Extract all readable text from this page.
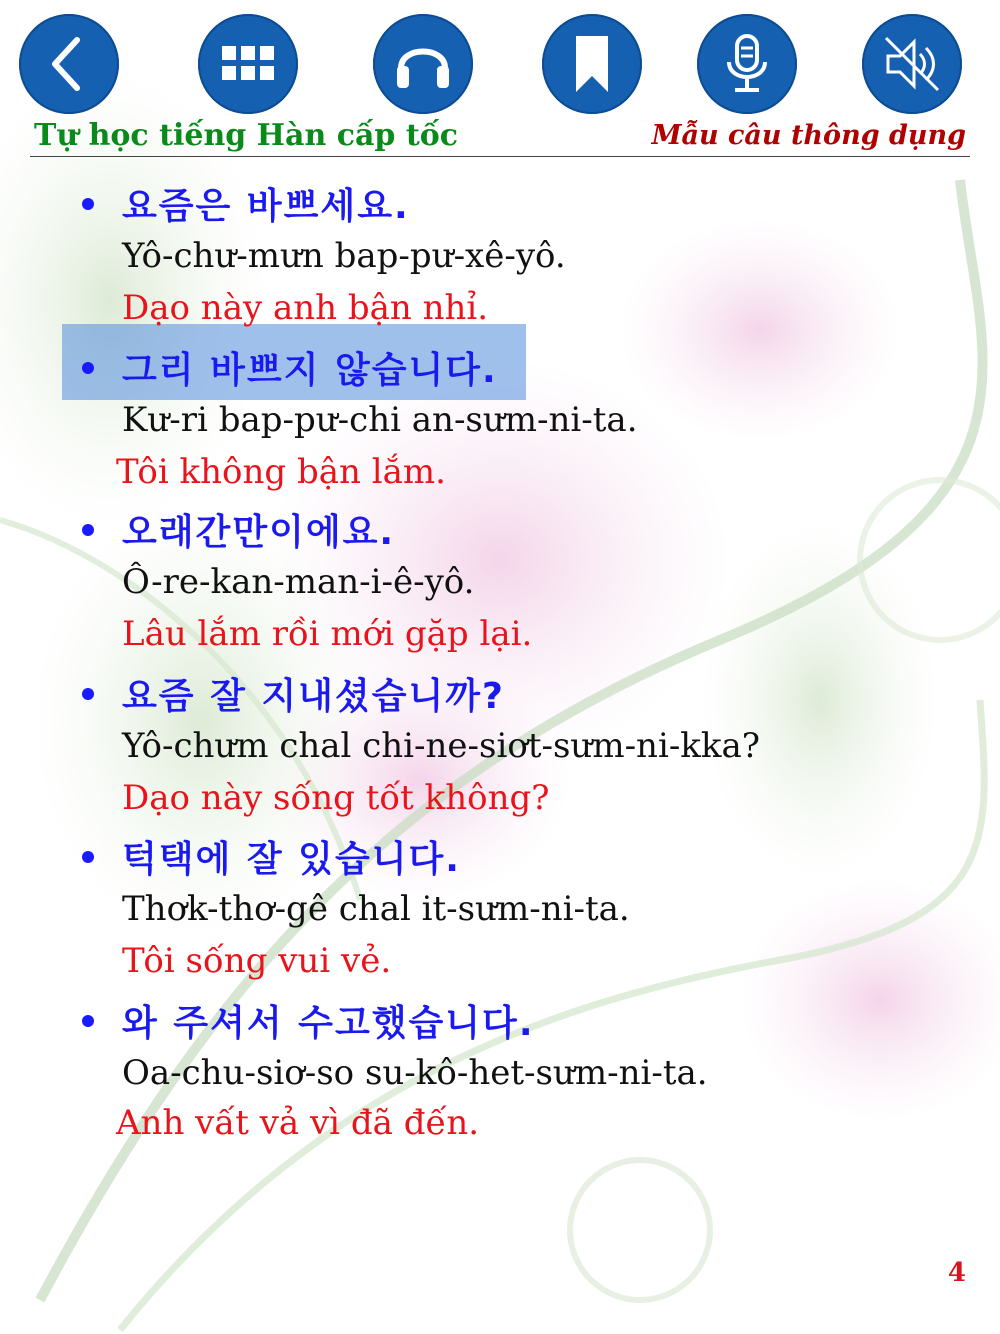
Tự học tiếng Hàn cấp tốc	Mẫu câu thông dụng
요즘은 바쁘세요.
Yô-chư-mưn bap-pư-xê-yô.
Dạo này anh bận nhỉ.
그리 바쁘지 않습니다.
Kư-ri bap-pư-chi an-sưm-ni-ta.
Tôi không bận lắm.
오래간만이에요.
Ô-re-kan-man-i-ê-yô.
Lâu lắm rồi mới gặp lại.
요즘 잘 지내셨습니까?
Yô-chưm chal chi-ne-siơt-sưm-ni-kka?
Dạo này sống tốt không?
턱택에 잘 있습니다.
Thơk-thơ-gê chal it-sưm-ni-ta.
Tôi sống vui vẻ.
와 주셔서 수고했습니다.
Oa-chu-siơ-so su-kô-het-sưm-ni-ta.
Anh vất vả vì đã đến.
4
